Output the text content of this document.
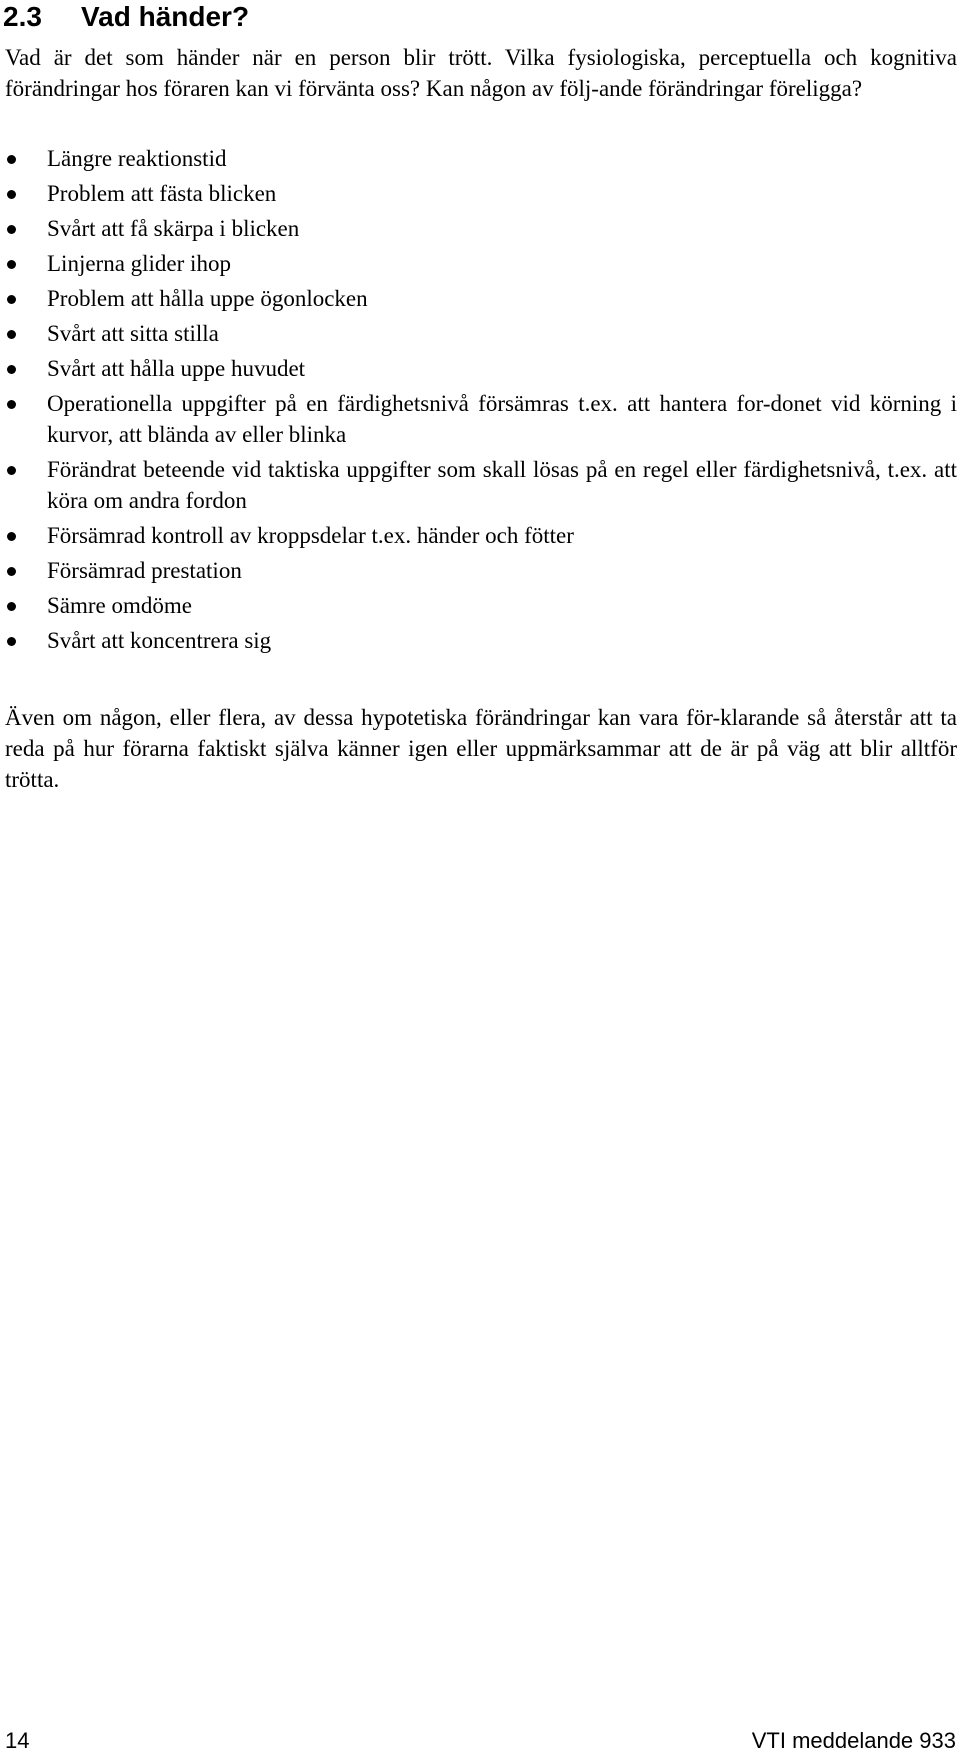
2.3 Vad händer?

Vad är det som händer när en person blir trött. Vilka fysiologiska, perceptuella och kognitiva förändringar hos föraren kan vi förvänta oss? Kan någon av följ-ande förändringar föreligga?

Längre reaktionstid
Problem att fästa blicken
Svårt att få skärpa i blicken
Linjerna glider ihop
Problem att hålla uppe ögonlocken
Svårt att sitta stilla
Svårt att hålla uppe huvudet
Operationella uppgifter på en färdighetsnivå försämras t.ex. att hantera for-donet vid körning i kurvor, att blända av eller blinka
Förändrat beteende vid taktiska uppgifter som skall lösas på en regel eller färdighetsnivå, t.ex. att köra om andra fordon
Försämrad kontroll av kroppsdelar t.ex. händer och fötter
Försämrad prestation
Sämre omdöme
Svårt att koncentrera sig

Även om någon, eller flera, av dessa hypotetiska förändringar kan vara för-klarande så återstår att ta reda på hur förarna faktiskt själva känner igen eller uppmärksammar att de är på väg att blir alltför trötta.

14	VTI meddelande 933
